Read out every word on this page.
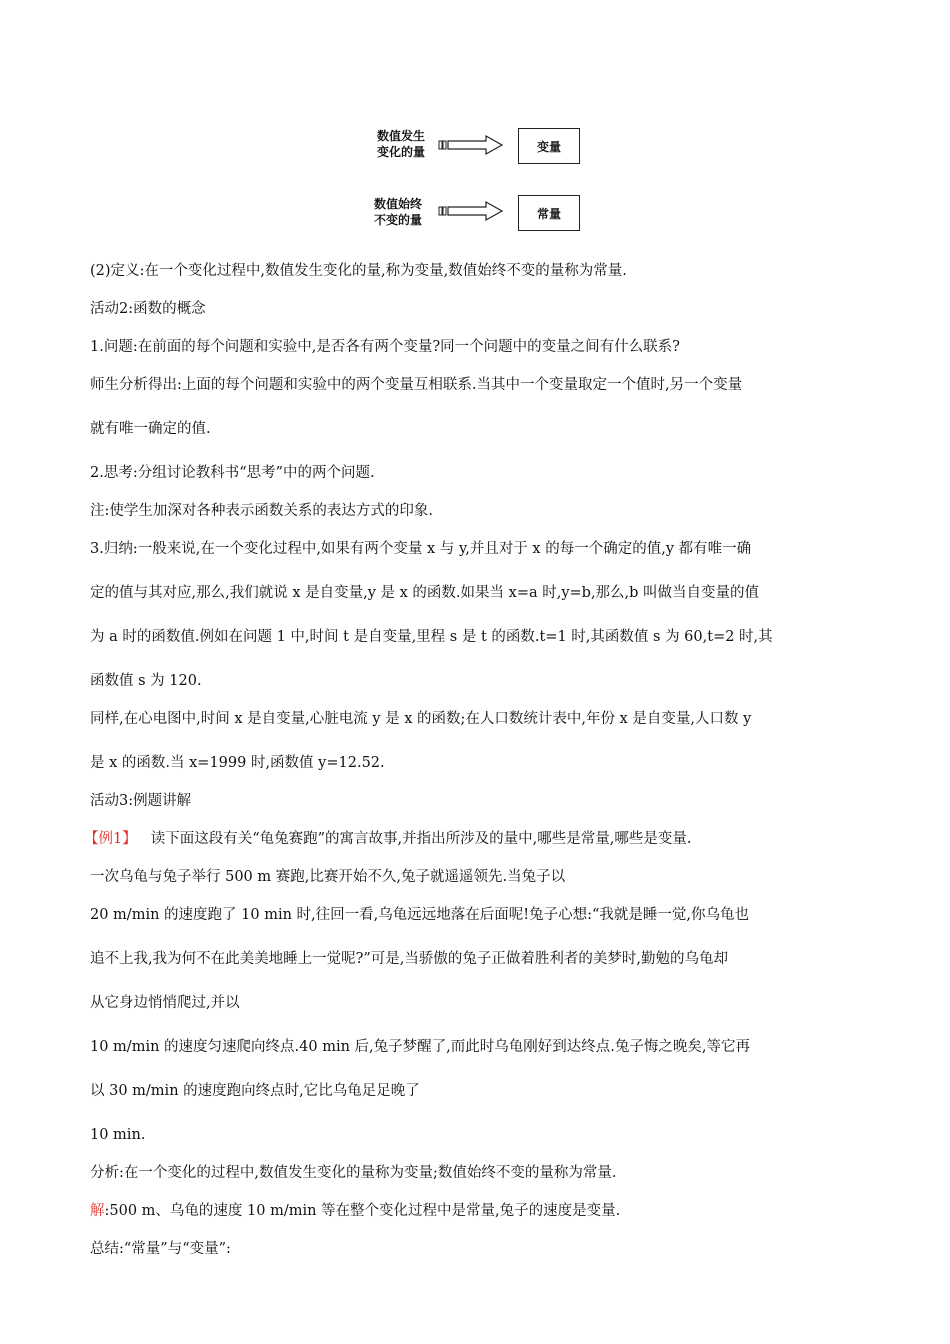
数值发生
变化的量	变量
数值始终
不变的量	常量

(2)定义:在一个变化过程中,数值发生变化的量,称为变量,数值始终不变的量称为常量.

活动2:函数的概念

1.问题:在前面的每个问题和实验中,是否各有两个变量?同一个问题中的变量之间有什么联系?

师生分析得出:上面的每个问题和实验中的两个变量互相联系.当其中一个变量取定一个值时,另一个变量

就有唯一确定的值.

2.思考:分组讨论教科书“思考”中的两个问题.

注:使学生加深对各种表示函数关系的表达方式的印象.

3.归纳:一般来说,在一个变化过程中,如果有两个变量 x 与 y,并且对于 x 的每一个确定的值,y 都有唯一确

定的值与其对应,那么,我们就说 x 是自变量,y 是 x 的函数.如果当 x=a 时,y=b,那么,b 叫做当自变量的值

为 a 时的函数值.例如在问题 1 中,时间 t 是自变量,里程 s 是 t 的函数.t=1 时,其函数值 s 为 60,t=2 时,其

函数值 s 为 120.

同样,在心电图中,时间 x 是自变量,心脏电流 y 是 x 的函数;在人口数统计表中,年份 x 是自变量,人口数 y

是 x 的函数.当 x=1999 时,函数值 y=12.52.

活动3:例题讲解

【例1】 读下面这段有关“龟兔赛跑”的寓言故事,并指出所涉及的量中,哪些是常量,哪些是变量.

一次乌龟与兔子举行 500 m 赛跑,比赛开始不久,兔子就遥遥领先.当兔子以

20 m/min 的速度跑了 10 min 时,往回一看,乌龟远远地落在后面呢!兔子心想:“我就是睡一觉,你乌龟也

追不上我,我为何不在此美美地睡上一觉呢?”可是,当骄傲的兔子正做着胜利者的美梦时,勤勉的乌龟却

从它身边悄悄爬过,并以

10 m/min 的速度匀速爬向终点.40 min 后,兔子梦醒了,而此时乌龟刚好到达终点.兔子悔之晚矣,等它再

以 30 m/min 的速度跑向终点时,它比乌龟足足晚了

10 min.

分析:在一个变化的过程中,数值发生变化的量称为变量;数值始终不变的量称为常量.

解:500 m、乌龟的速度 10 m/min 等在整个变化过程中是常量,兔子的速度是变量.

总结:“常量”与“变量”:
